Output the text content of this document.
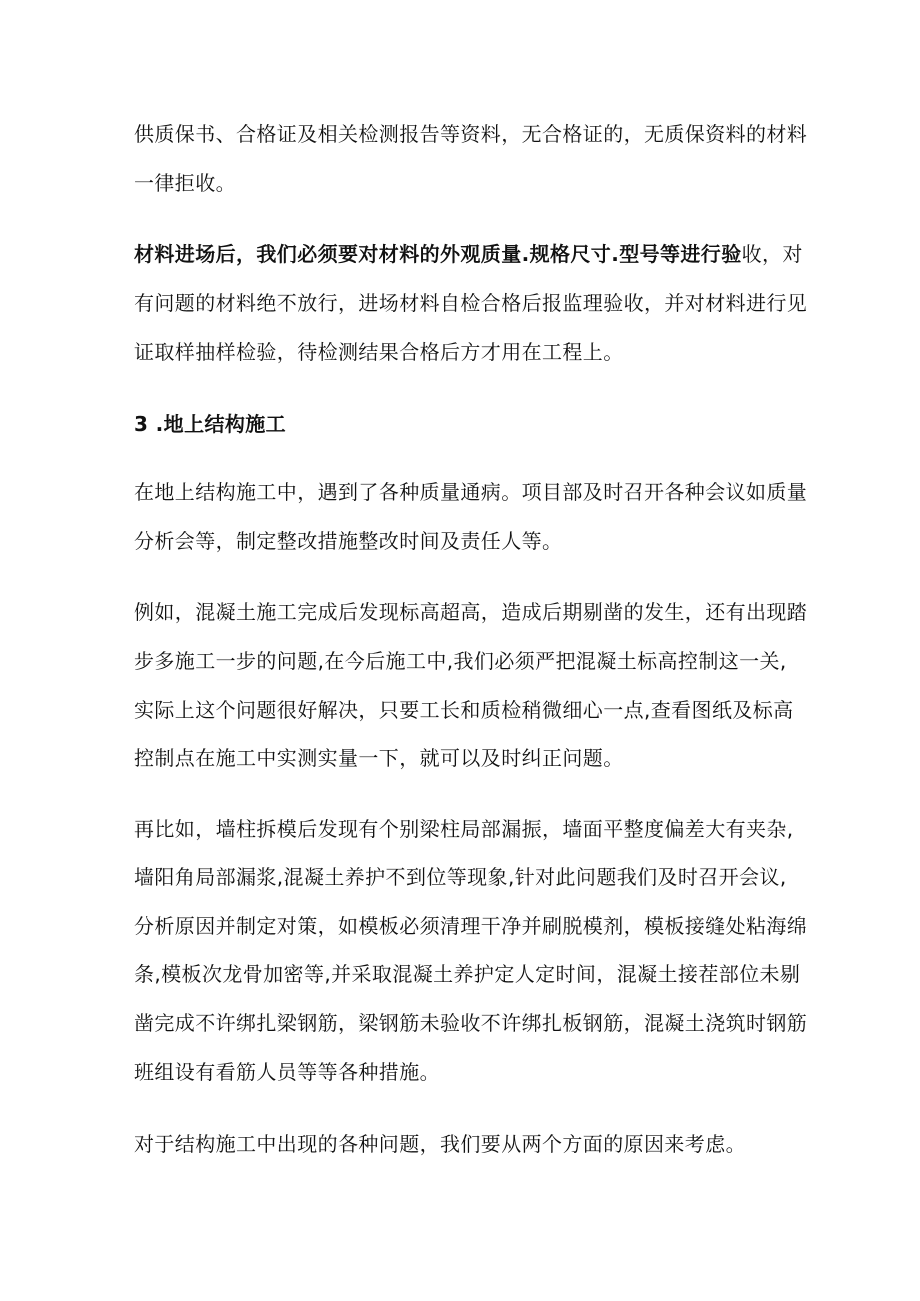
供质保书、合格证及相关检测报告等资料，无合格证的，无质保资料的材料
一律拒收。
材料进场后，我们必须要对材料的外观质量.规格尺寸.型号等进行验收，对
有问题的材料绝不放行，进场材料自检合格后报监理验收，并对材料进行见
证取样抽样检验，待检测结果合格后方才用在工程上。
3 .地上结构施工
在地上结构施工中，遇到了各种质量通病。项目部及时召开各种会议如质量
分析会等，制定整改措施整改时间及责任人等。
例如，混凝土施工完成后发现标高超高，造成后期剔凿的发生，还有出现踏
步多施工一步的问题,在今后施工中,我们必须严把混凝土标高控制这一关,
实际上这个问题很好解决，只要工长和质检稍微细心一点,查看图纸及标高
控制点在施工中实测实量一下，就可以及时纠正问题。
再比如，墙柱拆模后发现有个别梁柱局部漏振，墙面平整度偏差大有夹杂,
墙阳角局部漏浆,混凝土养护不到位等现象,针对此问题我们及时召开会议,
分析原因并制定对策，如模板必须清理干净并刷脱模剂，模板接缝处粘海绵
条,模板次龙骨加密等,并采取混凝土养护定人定时间，混凝土接茬部位未剔
凿完成不许绑扎梁钢筋，梁钢筋未验收不许绑扎板钢筋，混凝土浇筑时钢筋
班组设有看筋人员等等各种措施。
对于结构施工中出现的各种问题，我们要从两个方面的原因来考虑。
